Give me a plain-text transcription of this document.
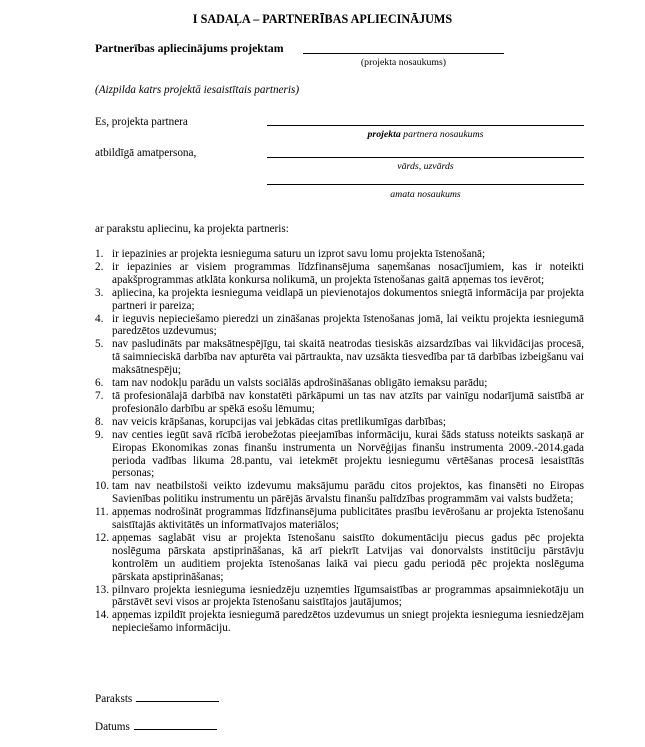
I SADAĻA – PARTNERĪBAS APLIECINĀJUMS
Partnerības apliecinājums projektam
(projekta nosaukums)
(Aizpilda katrs projektā iesaistītais partneris)
Es, projekta partnera
projekta partnera nosaukums
atbildīgā amatpersona,
vārds, uzvārds
amata nosaukums
ar parakstu apliecinu, ka projekta partneris:
1. ir iepazinies ar projekta iesnieguma saturu un izprot savu lomu projekta īstenošanā;
2. ir iepazinies ar visiem programmas līdzfinansējuma saņemšanas nosacījumiem, kas ir noteikti apakšprogrammas atklāta konkursa nolikumā, un projekta īstenošanas gaitā apņemas tos ievērot;
3. apliecina, ka projekta iesnieguma veidlapā un pievienotajos dokumentos sniegtā informācija par projekta partneri ir pareiza;
4. ir ieguvis nepieciešamo pieredzi un zināšanas projekta īstenošanas jomā, lai veiktu projekta iesniegumā paredzētos uzdevumus;
5. nav pasludināts par maksātnespējīgu, tai skaitā neatrodas tiesiskās aizsardzības vai likvidācijas procesā, tā saimnieciskā darbība nav apturēta vai pārtraukta, nav uzsākta tiesvedība par tā darbības izbeigšanu vai maksātnespēju;
6. tam nav nodokļu parādu un valsts sociālās apdrošināšanas obligāto iemaksu parādu;
7. tā profesionālajā darbībā nav konstatēti pārkāpumi un tas nav atzīts par vainīgu nodarījumā saistībā ar profesionālo darbību ar spēkā esošu lēmumu;
8. nav veicis krāpšanas, korupcijas vai jebkādas citas pretlikumīgas darbības;
9. nav centies iegūt savā rīcībā ierobežotas pieejamības informāciju, kurai šāds statuss noteikts saskaņā ar Eiropas Ekonomikas zonas finanšu instrumenta un Norvēģijas finanšu instrumenta 2009.-2014.gada perioda vadības likuma 28.pantu, vai ietekmēt projektu iesniegumu vērtēšanas procesā iesaistītās personas;
10. tam nav neatbilstoši veikto izdevumu maksājumu parādu citos projektos, kas finansēti no Eiropas Savienības politiku instrumentu un pārējās ārvalstu finanšu palīdzības programmām vai valsts budžeta;
11. apņemas nodrošināt programmas līdzfinansējuma publicitātes prasību ievērošanu ar projekta īstenošanu saistītajās aktivitātēs un informatīvajos materiālos;
12. apņemas saglabāt visu ar projekta īstenošanu saistīto dokumentāciju piecus gadus pēc projekta noslēguma pārskata apstiprināšanas, kā arī piekrīt Latvijas vai donorvalsts institūciju pārstāvju kontrolēm un auditiem projekta īstenošanas laikā vai piecu gadu periodā pēc projekta noslēguma pārskata apstiprināšanas;
13. pilnvaro projekta iesnieguma iesniedzēju uzņemties līgumsaistības ar programmas apsaimniekotāju un pārstāvēt sevi visos ar projekta īstenošanu saistītajos jautājumos;
14. apņemas izpildīt projekta iesniegumā paredzētos uzdevumus un sniegt projekta iesnieguma iesniedzējam nepieciešamo informāciju.
Paraksts
Datums
